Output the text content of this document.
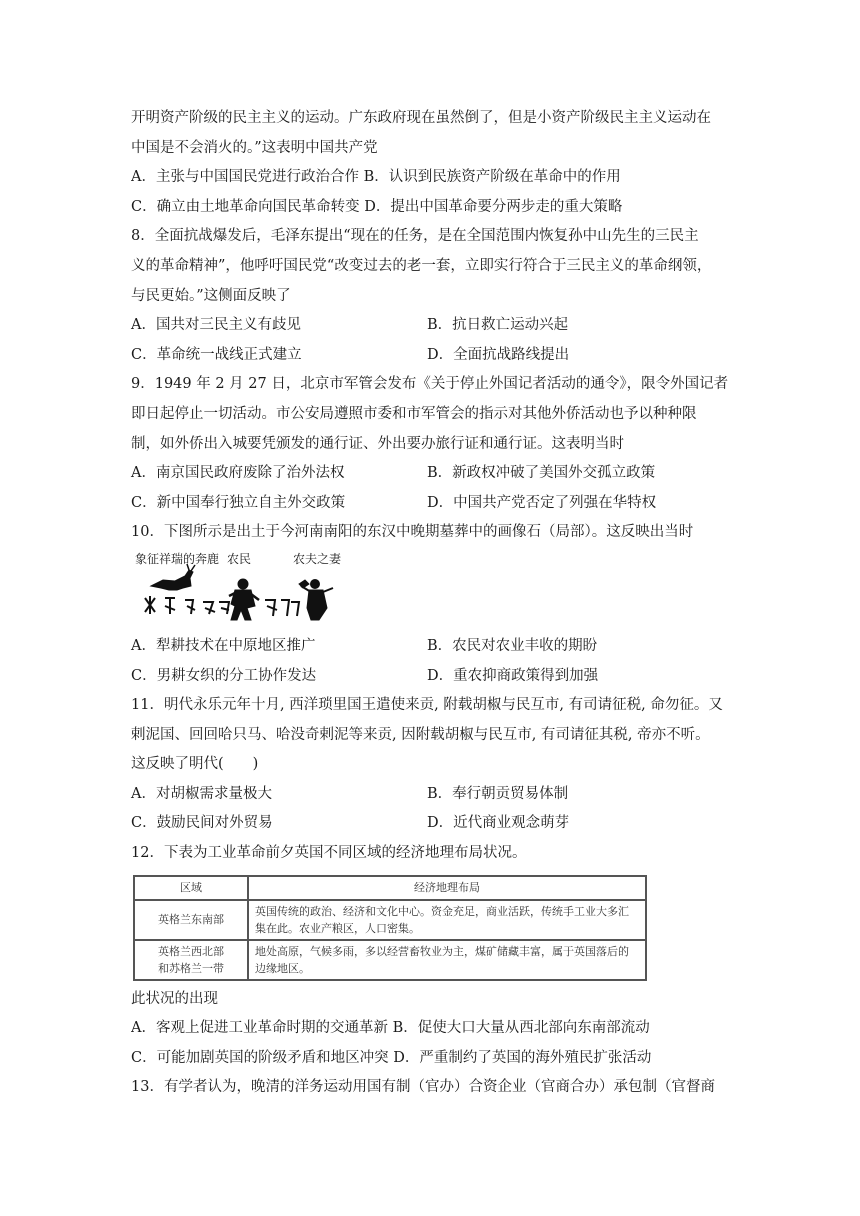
开明资产阶级的民主主义的运动。广东政府现在虽然倒了，但是小资产阶级民主主义运动在
中国是不会消火的。”这表明中国共产党
A．主张与中国国民党进行政治合作 B．认识到民族资产阶级在革命中的作用
C．确立由土地革命向国民革命转变 D．提出中国革命要分两步走的重大策略
8．全面抗战爆发后，毛泽东提出“现在的任务，是在全国范围内恢复孙中山先生的三民主
义的革命精神”，他呼吁国民党“改变过去的老一套，立即实行符合于三民主义的革命纲领，
与民更始。”这侧面反映了
A．国共对三民主义有歧见	B．抗日救亡运动兴起
C．革命统一战线正式建立	D．全面抗战路线提出
9．1949 年 2 月 27 日，北京市军管会发布《关于停止外国记者活动的通令》，限令外国记者
即日起停止一切活动。市公安局遵照市委和市军管会的指示对其他外侨活动也予以种种限
制，如外侨出入城要凭颁发的通行证、外出要办旅行证和通行证。这表明当时
A．南京国民政府废除了治外法权	B．新政权冲破了美国外交孤立政策
C．新中国奉行独立自主外交政策	D．中国共产党否定了列强在华特权
10．下图所示是出土于今河南南阳的东汉中晚期墓葬中的画像石（局部）。这反映出当时
象征祥瑞的奔鹿 农民	农夫之妻
A．犁耕技术在中原地区推广	B．农民对农业丰收的期盼
C．男耕女织的分工协作发达	D．重农抑商政策得到加强
11．明代永乐元年十月, 西洋琐里国王遣使来贡, 附载胡椒与民互市, 有司请征税, 命勿征。又
剌泥国、回回哈只马、哈没奇剌泥等来贡, 因附载胡椒与民互市, 有司请征其税, 帝亦不听。
这反映了明代(　　)
A．对胡椒需求量极大	B．奉行朝贡贸易体制
C．鼓励民间对外贸易	D．近代商业观念萌芽
12．下表为工业革命前夕英国不同区域的经济地理布局状况。
区域	经济地理布局
英格兰东南部	英国传统的政治、经济和文化中心。资金充足，商业活跃，传统手工业大多汇集在此。农业产粮区，人口密集。
英格兰西北部
和苏格兰一带	地处高原，气候多雨，多以经营畜牧业为主，煤矿储藏丰富，属于英国落后的边缘地区。
此状况的出现
A．客观上促进工业革命时期的交通革新 B．促使大口大量从西北部向东南部流动
C．可能加剧英国的阶级矛盾和地区冲突 D．严重制约了英国的海外殖民扩张活动
13．有学者认为，晚清的洋务运动用国有制（官办）合资企业（官商合办）承包制（官督商
